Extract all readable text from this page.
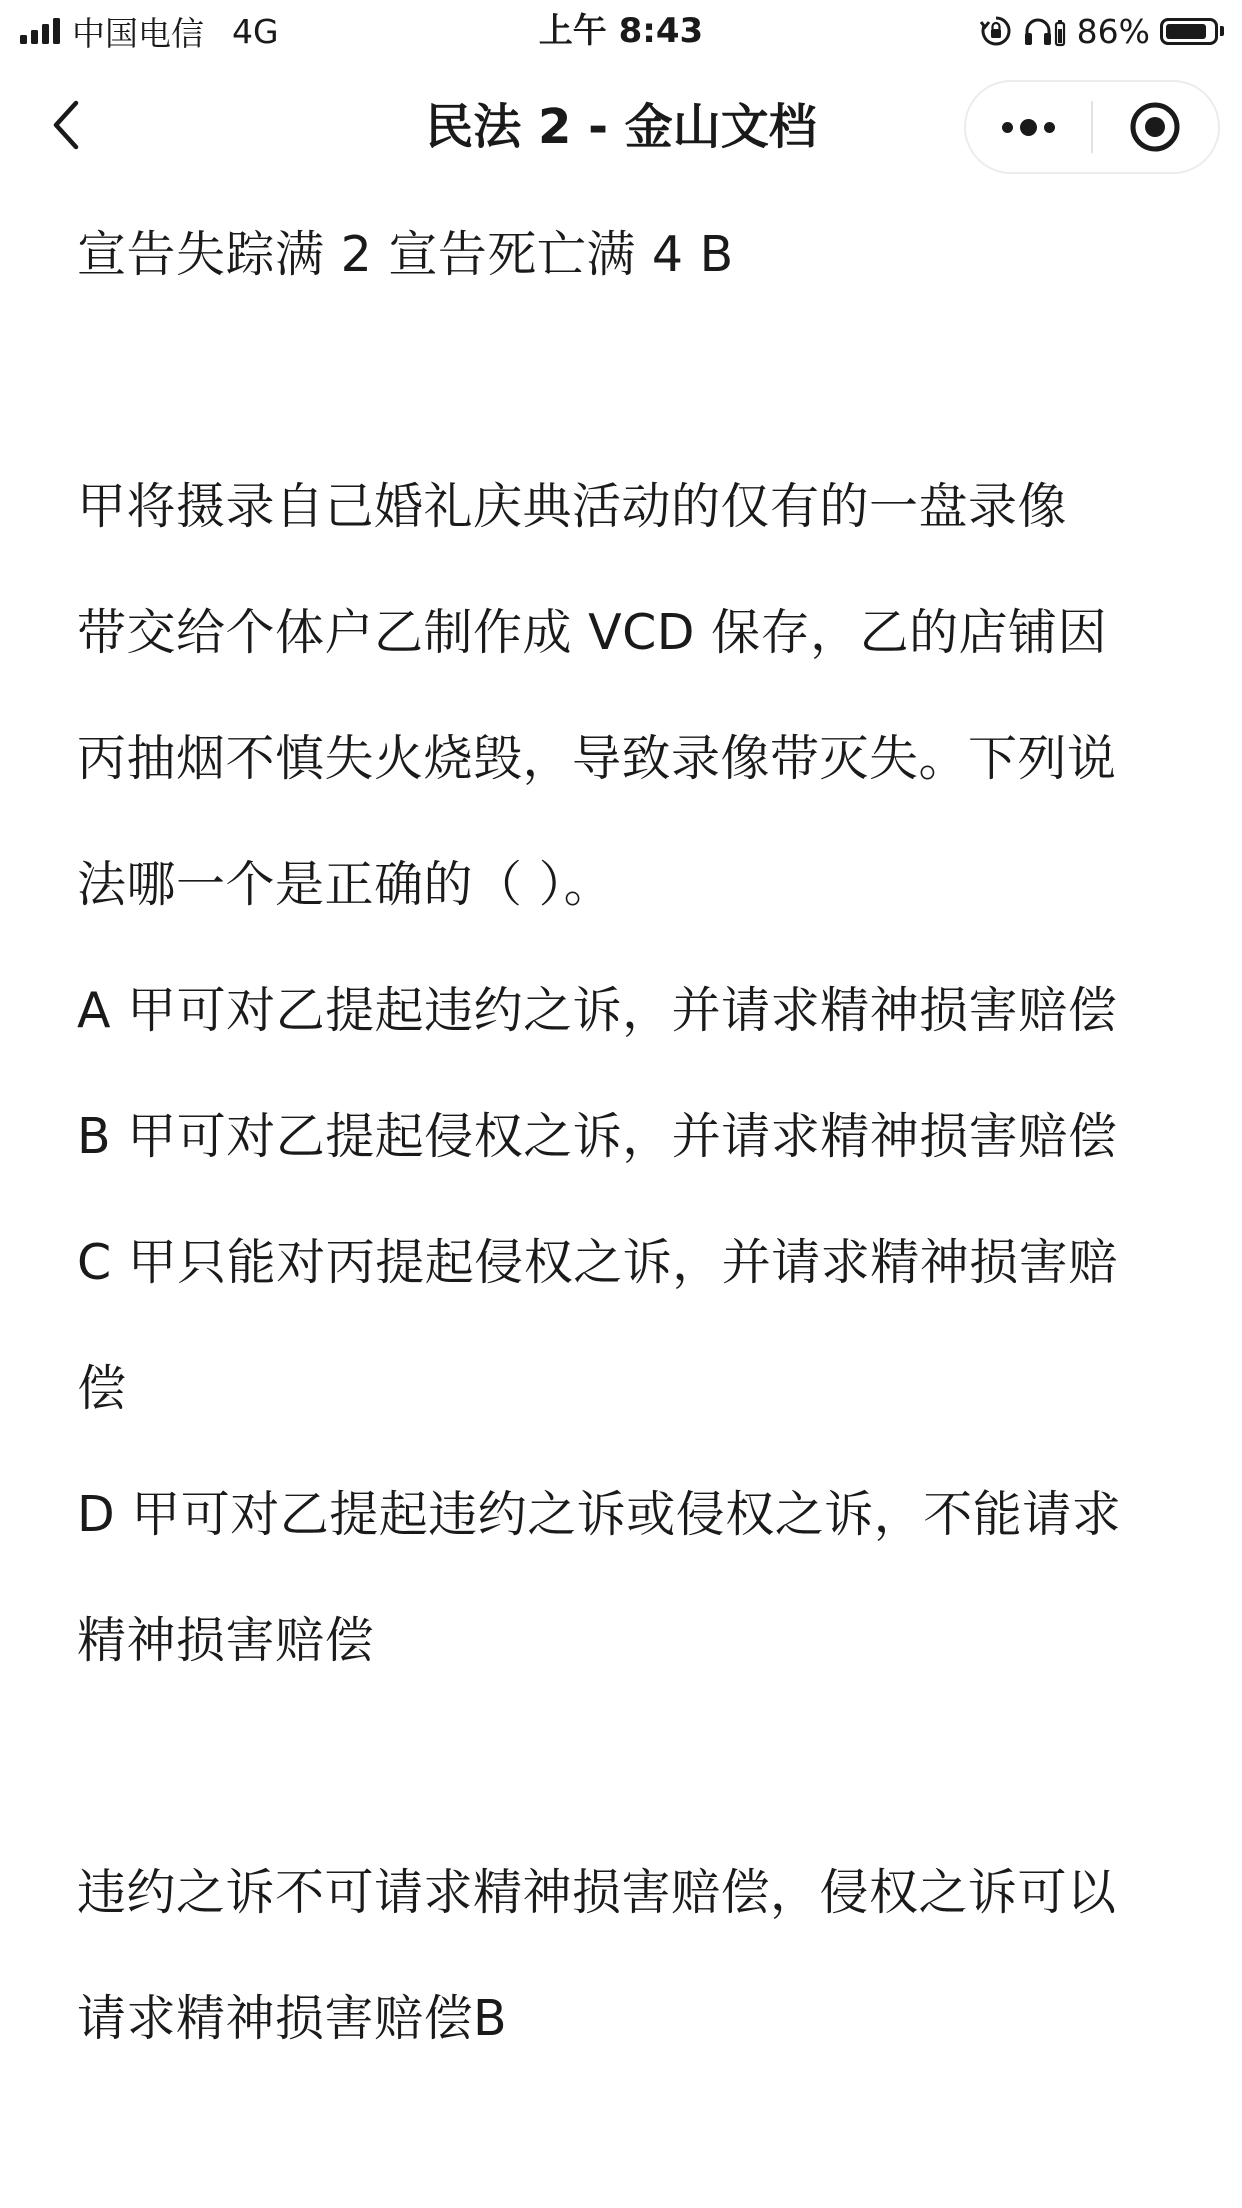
中国电信 4G	上午 8:43	86%
民法 2 - 金山文档
宣告失踪满 2 宣告死亡满 4 B
甲将摄录自己婚礼庆典活动的仅有的一盘录像
带交给个体户乙制作成 VCD 保存，乙的店铺因
丙抽烟不慎失火烧毁，导致录像带灭失。下列说
法哪一个是正确的（ ）。
A 甲可对乙提起违约之诉，并请求精神损害赔偿
B 甲可对乙提起侵权之诉，并请求精神损害赔偿
C 甲只能对丙提起侵权之诉，并请求精神损害赔
偿
D 甲可对乙提起违约之诉或侵权之诉，不能请求
精神损害赔偿
违约之诉不可请求精神损害赔偿，侵权之诉可以
请求精神损害赔偿B
